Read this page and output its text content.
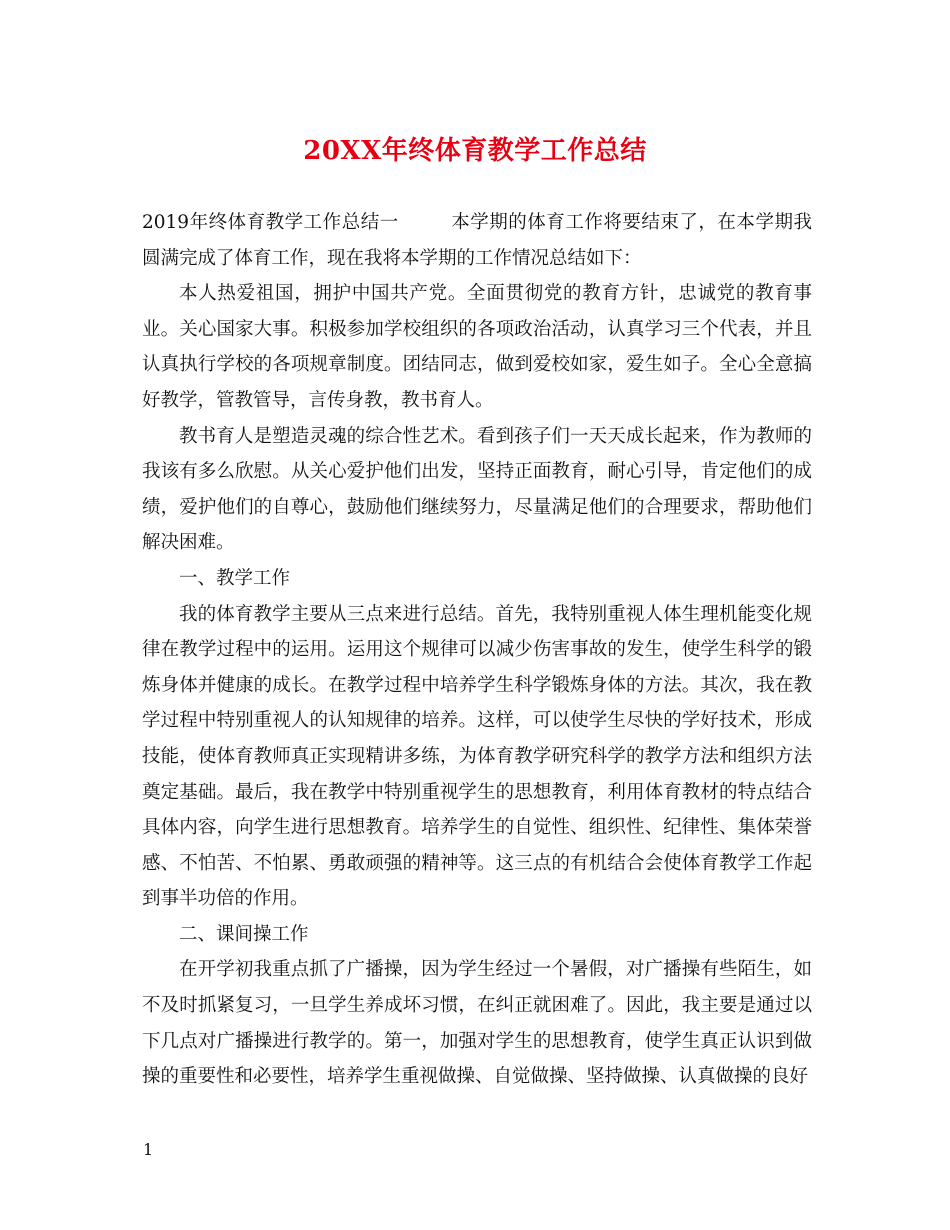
20XX年终体育教学工作总结

2019年终体育教学工作总结一	本学期的体育工作将要结束了，在本学期我圆满完成了体育工作，现在我将本学期的工作情况总结如下：

本人热爱祖国，拥护中国共产党。全面贯彻党的教育方针，忠诚党的教育事业。关心国家大事。积极参加学校组织的各项政治活动，认真学习三个代表，并且认真执行学校的各项规章制度。团结同志，做到爱校如家，爱生如子。全心全意搞好教学，管教管导，言传身教，教书育人。

教书育人是塑造灵魂的综合性艺术。看到孩子们一天天成长起来，作为教师的我该有多么欣慰。从关心爱护他们出发，坚持正面教育，耐心引导，肯定他们的成绩，爱护他们的自尊心，鼓励他们继续努力，尽量满足他们的合理要求，帮助他们解决困难。

一、教学工作

我的体育教学主要从三点来进行总结。首先，我特别重视人体生理机能变化规律在教学过程中的运用。运用这个规律可以减少伤害事故的发生，使学生科学的锻炼身体并健康的成长。在教学过程中培养学生科学锻炼身体的方法。其次，我在教学过程中特别重视人的认知规律的培养。这样，可以使学生尽快的学好技术，形成技能，使体育教师真正实现精讲多练，为体育教学研究科学的教学方法和组织方法奠定基础。最后，我在教学中特别重视学生的思想教育，利用体育教材的特点结合具体内容，向学生进行思想教育。培养学生的自觉性、组织性、纪律性、集体荣誉感、不怕苦、不怕累、勇敢顽强的精神等。这三点的有机结合会使体育教学工作起到事半功倍的作用。

二、课间操工作

在开学初我重点抓了广播操，因为学生经过一个暑假，对广播操有些陌生，如不及时抓紧复习，一旦学生养成坏习惯，在纠正就困难了。因此，我主要是通过以下几点对广播操进行教学的。第一，加强对学生的思想教育，使学生真正认识到做操的重要性和必要性，培养学生重视做操、自觉做操、坚持做操、认真做操的良好

1
